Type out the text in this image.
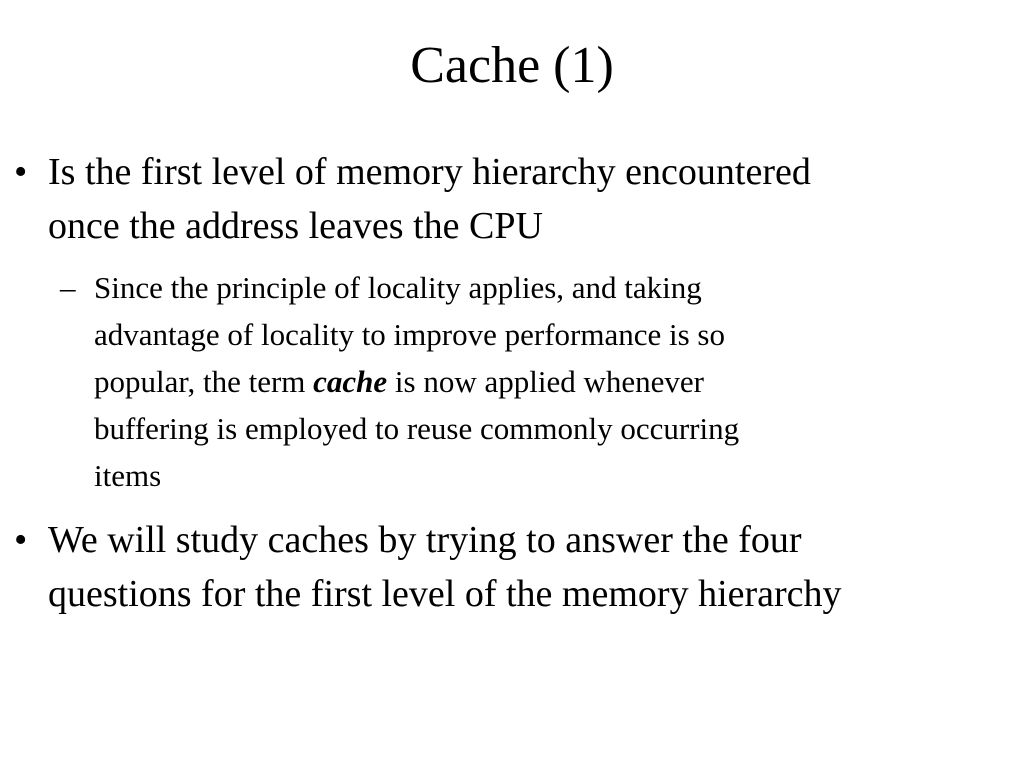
Cache (1)
• Is the first level of memory hierarchy encountered
once the address leaves the CPU
– Since the principle of locality applies, and taking
advantage of locality to improve performance is so
popular, the term cache is now applied whenever
buffering is employed to reuse commonly occurring
items
• We will study caches by trying to answer the four
questions for the first level of the memory hierarchy
